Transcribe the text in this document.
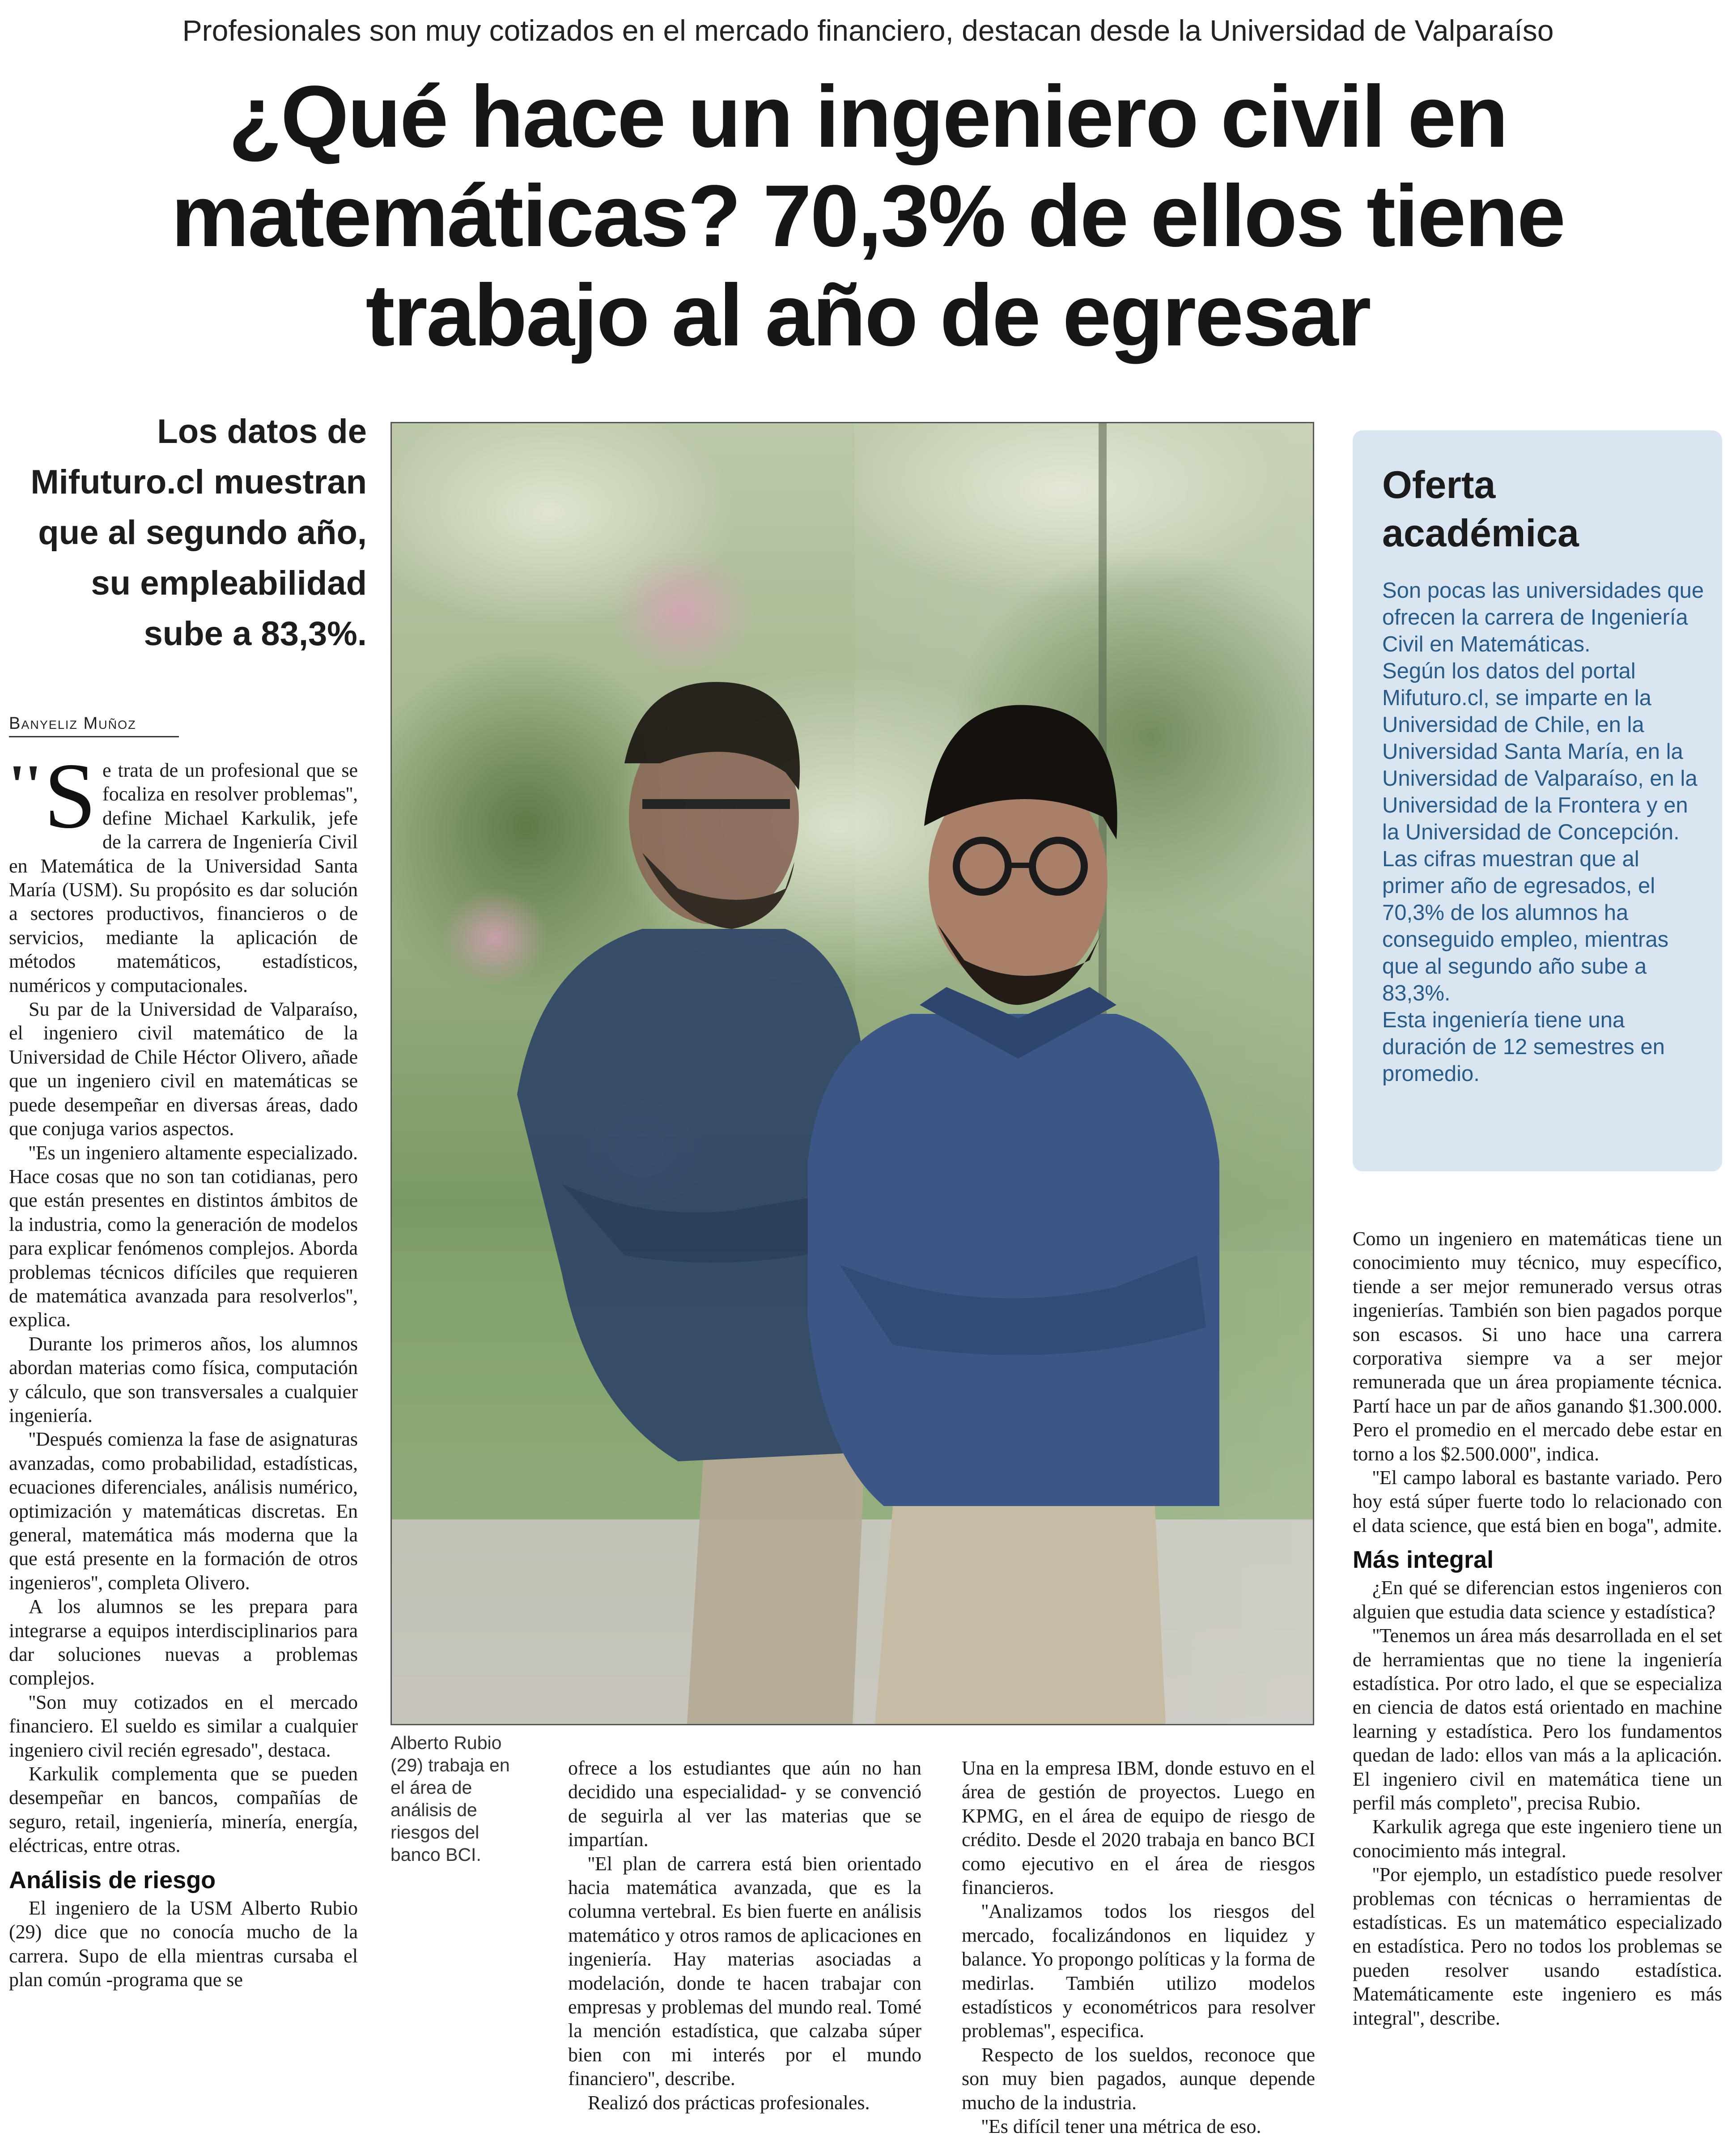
Profesionales son muy cotizados en el mercado financiero, destacan desde la Universidad de Valparaíso
¿Qué hace un ingeniero civil en
matemáticas? 70,3% de ellos tiene
trabajo al año de egresar
Los datos de Mifuturo.cl muestran que al segundo año, su empleabilidad sube a 83,3%.
Banyeliz Muñoz

'' S e trata de un profesional que se focaliza en resolver problemas'', define Michael Karkulik, jefe de la carrera de Ingeniería Civil en Matemática de la Universidad Santa María (USM). Su propósito es dar solución a sectores productivos, financieros o de servicios, mediante la aplicación de métodos matemáticos, estadísticos, numéricos y computacionales.

Su par de la Universidad de Valparaíso, el ingeniero civil matemático de la Universidad de Chile Héctor Olivero, añade que un ingeniero civil en matemáticas se puede desempeñar en diversas áreas, dado que conjuga varios aspectos.

''Es un ingeniero altamente especializado. Hace cosas que no son tan cotidianas, pero que están presentes en distintos ámbitos de la industria, como la generación de modelos para explicar fenómenos complejos. Aborda problemas técnicos difíciles que requieren de matemática avanzada para resolverlos'', explica.

Durante los primeros años, los alumnos abordan materias como física, computación y cálculo, que son transversales a cualquier ingeniería.

''Después comienza la fase de asignaturas avanzadas, como probabilidad, estadísticas, ecuaciones diferenciales, análisis numérico, optimización y matemáticas discretas. En general, matemática más moderna que la que está presente en la formación de otros ingenieros'', completa Olivero.

A los alumnos se les prepara para integrarse a equipos interdisciplinarios para dar soluciones nuevas a problemas complejos.

''Son muy cotizados en el mercado financiero. El sueldo es similar a cualquier ingeniero civil recién egresado'', destaca.

Karkulik complementa que se pueden desempeñar en bancos, compañías de seguro, retail, ingeniería, minería, energía, eléctricas, entre otras.

Análisis de riesgo

El ingeniero de la USM Alberto Rubio (29) dice que no conocía mucho de la carrera. Supo de ella mientras cursaba el plan común -programa que se

Alberto Rubio (29) trabaja en el área de análisis de riesgos del banco BCI.

ofrece a los estudiantes que aún no han decidido una especialidad- y se convenció de seguirla al ver las materias que se impartían.

''El plan de carrera está bien orientado hacia matemática avanzada, que es la columna vertebral. Es bien fuerte en análisis matemático y otros ramos de aplicaciones en ingeniería. Hay materias asociadas a modelación, donde te hacen trabajar con empresas y problemas del mundo real. Tomé la mención estadística, que calzaba súper bien con mi interés por el mundo financiero'', describe.

Realizó dos prácticas profesionales.

Una en la empresa IBM, donde estuvo en el área de gestión de proyectos. Luego en KPMG, en el área de equipo de riesgo de crédito. Desde el 2020 trabaja en banco BCI como ejecutivo en el área de riesgos financieros.

''Analizamos todos los riesgos del mercado, focalizándonos en liquidez y balance. Yo propongo políticas y la forma de medirlas. También utilizo modelos estadísticos y econométricos para resolver problemas'', especifica.

Respecto de los sueldos, reconoce que son muy bien pagados, aunque depende mucho de la industria.

''Es difícil tener una métrica de eso.

Oferta
académica

Son pocas las universidades que ofrecen la carrera de Ingeniería Civil en Matemáticas.

Según los datos del portal Mifuturo.cl, se imparte en la Universidad de Chile, en la Universidad Santa María, en la Universidad de Valparaíso, en la Universidad de la Frontera y en la Universidad de Concepción.

Las cifras muestran que al primer año de egresados, el 70,3% de los alumnos ha conseguido empleo, mientras que al segundo año sube a 83,3%.

Esta ingeniería tiene una duración de 12 semestres en promedio.

Como un ingeniero en matemáticas tiene un conocimiento muy técnico, muy específico, tiende a ser mejor remunerado versus otras ingenierías. También son bien pagados porque son escasos. Si uno hace una carrera corporativa siempre va a ser mejor remunerada que un área propiamente técnica. Partí hace un par de años ganando $1.300.000. Pero el promedio en el mercado debe estar en torno a los $2.500.000'', indica.

''El campo laboral es bastante variado. Pero hoy está súper fuerte todo lo relacionado con el data science, que está bien en boga'', admite.

Más integral

¿En qué se diferencian estos ingenieros con alguien que estudia data science y estadística?

''Tenemos un área más desarrollada en el set de herramientas que no tiene la ingeniería estadística. Por otro lado, el que se especializa en ciencia de datos está orientado en machine learning y estadística. Pero los fundamentos quedan de lado: ellos van más a la aplicación. El ingeniero civil en matemática tiene un perfil más completo'', precisa Rubio.

Karkulik agrega que este ingeniero tiene un conocimiento más integral.

''Por ejemplo, un estadístico puede resolver problemas con técnicas o herramientas de estadísticas. Es un matemático especializado en estadística. Pero no todos los problemas se pueden resolver usando estadística. Matemáticamente este ingeniero es más integral'', describe.
